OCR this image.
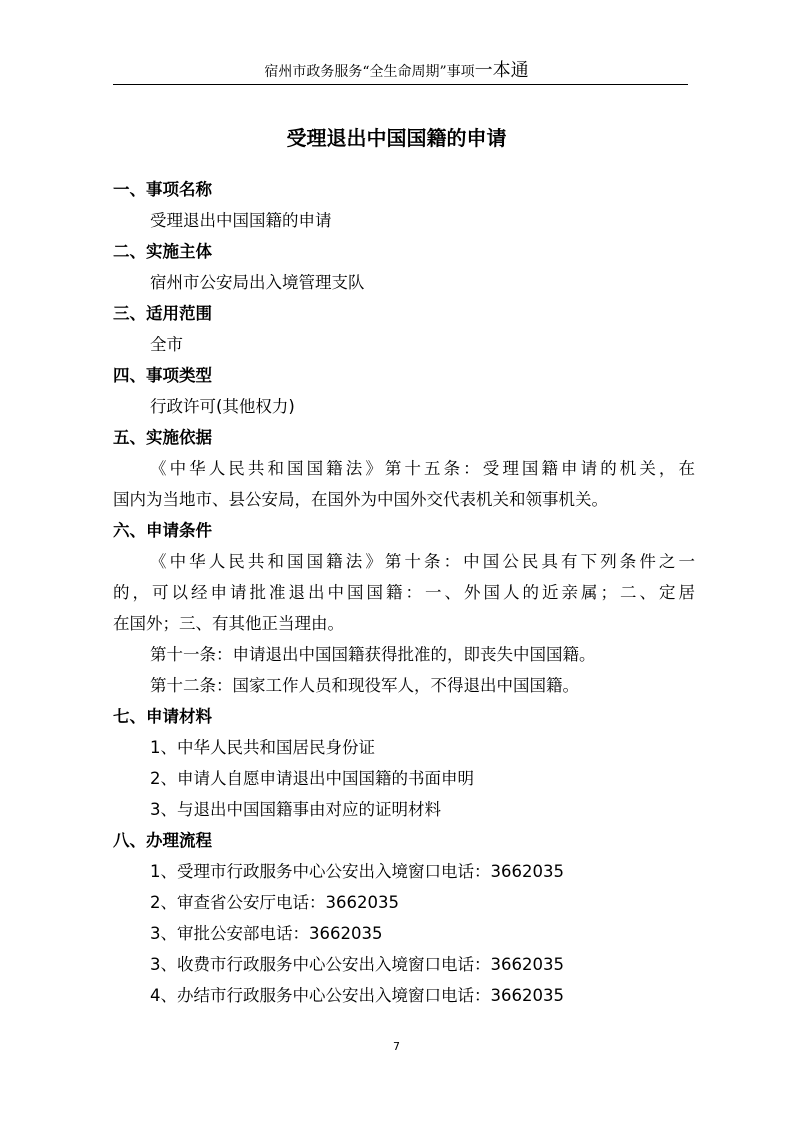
宿州市政务服务“全生命周期”事项一本通
受理退出中国国籍的申请
一、事项名称
受理退出中国国籍的申请
二、实施主体
宿州市公安局出入境管理支队
三、适用范围
全市
四、事项类型
行政许可(其他权力)
五、实施依据
《中华人民共和国国籍法》第十五条：受理国籍申请的机关，在
国内为当地市、县公安局，在国外为中国外交代表机关和领事机关。
六、申请条件
《中华人民共和国国籍法》第十条：中国公民具有下列条件之一
的，可以经申请批准退出中国国籍：一、外国人的近亲属；二、定居
在国外；三、有其他正当理由。
第十一条：申请退出中国国籍获得批准的，即丧失中国国籍。
第十二条：国家工作人员和现役军人，不得退出中国国籍。
七、申请材料
1、中华人民共和国居民身份证
2、申请人自愿申请退出中国国籍的书面申明
3、与退出中国国籍事由对应的证明材料
八、办理流程
1、受理市行政服务中心公安出入境窗口电话：3662035
2、审查省公安厅电话：3662035
3、审批公安部电话：3662035
3、收费市行政服务中心公安出入境窗口电话：3662035
4、办结市行政服务中心公安出入境窗口电话：3662035
7
